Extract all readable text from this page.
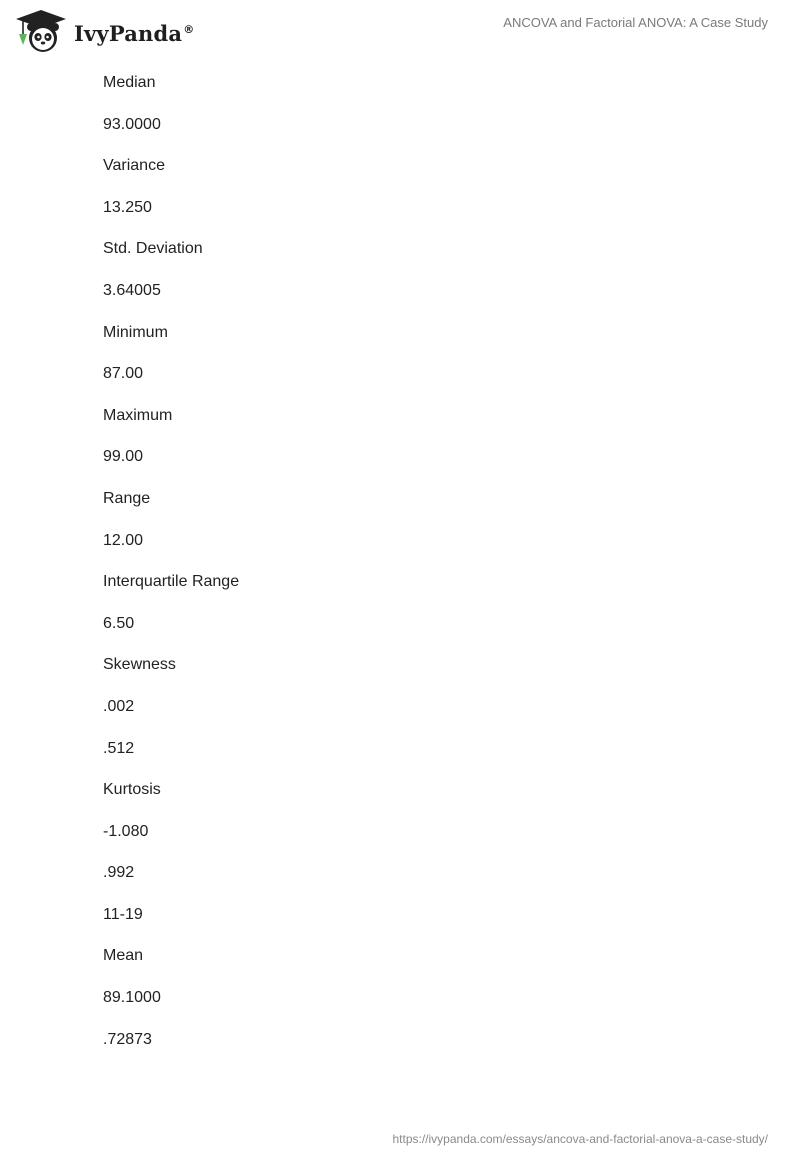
IvyPanda®	ANCOVA and Factorial ANOVA: A Case Study

Median

93.0000

Variance

13.250

Std. Deviation

3.64005

Minimum

87.00

Maximum

99.00

Range

12.00

Interquartile Range

6.50

Skewness

.002

.512

Kurtosis

-1.080

.992

11-19

Mean

89.1000

.72873

https://ivypanda.com/essays/ancova-and-factorial-anova-a-case-study/
